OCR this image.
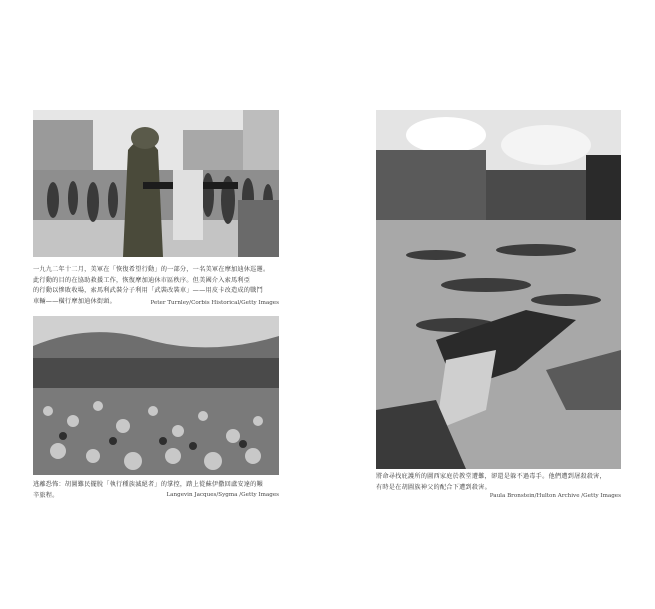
一九九二年十二月，美軍在「恢復希望行動」的一部分，一名美軍在摩加迪休巡邏。
此行動的目的在協助救援工作，恢復摩加迪休市區秩序。但美國介入索馬利亞
的行動以慘敗收場，索馬利武裝分子利用「武裝改裝車」——用皮卡改造成的戰鬥
車輛——橫行摩加迪休街頭。	Peter Turnley/Corbis Historical/Getty Images
逃離恐怖：胡圖難民擺脫「執行種族滅絕者」的掌控，踏上從蘇伊撒回盧安達的艱
辛旅程。	Langevin Jacques/Sygma /Getty Images
將命尋找庇護所的圖西家庭於教堂遭難，卻還是躲不過毒手。他們遭到屠殺殺害，
有時是在胡圖族神父的配合下遭到殺害。
Paula Bronstein/Hulton Archive /Getty Images
